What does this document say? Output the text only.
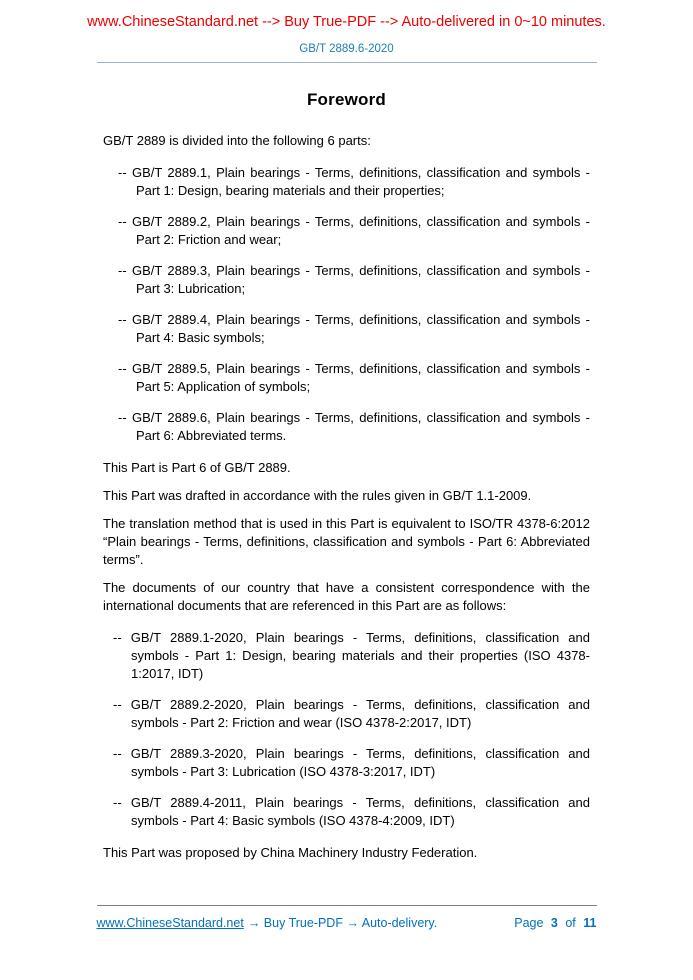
www.ChineseStandard.net --> Buy True-PDF --> Auto-delivered in 0~10 minutes.
GB/T 2889.6-2020
Foreword

GB/T 2889 is divided into the following 6 parts:

-- GB/T 2889.1, Plain bearings - Terms, definitions, classification and symbols - Part 1: Design, bearing materials and their properties;

-- GB/T 2889.2, Plain bearings - Terms, definitions, classification and symbols - Part 2: Friction and wear;

-- GB/T 2889.3, Plain bearings - Terms, definitions, classification and symbols - Part 3: Lubrication;

-- GB/T 2889.4, Plain bearings - Terms, definitions, classification and symbols - Part 4: Basic symbols;

-- GB/T 2889.5, Plain bearings - Terms, definitions, classification and symbols - Part 5: Application of symbols;

-- GB/T 2889.6, Plain bearings - Terms, definitions, classification and symbols - Part 6: Abbreviated terms.

This Part is Part 6 of GB/T 2889.

This Part was drafted in accordance with the rules given in GB/T 1.1-2009.

The translation method that is used in this Part is equivalent to ISO/TR 4378-6:2012 “Plain bearings - Terms, definitions, classification and symbols - Part 6: Abbreviated terms”.

The documents of our country that have a consistent correspondence with the international documents that are referenced in this Part are as follows:

-- GB/T 2889.1-2020, Plain bearings - Terms, definitions, classification and symbols - Part 1: Design, bearing materials and their properties (ISO 4378-1:2017, IDT)

-- GB/T 2889.2-2020, Plain bearings - Terms, definitions, classification and symbols - Part 2: Friction and wear (ISO 4378-2:2017, IDT)

-- GB/T 2889.3-2020, Plain bearings - Terms, definitions, classification and symbols - Part 3: Lubrication (ISO 4378-3:2017, IDT)

-- GB/T 2889.4-2011, Plain bearings - Terms, definitions, classification and symbols - Part 4: Basic symbols (ISO 4378-4:2009, IDT)

This Part was proposed by China Machinery Industry Federation.

www.ChineseStandard.net → Buy True-PDF → Auto-delivery.	Page 3 of 11
